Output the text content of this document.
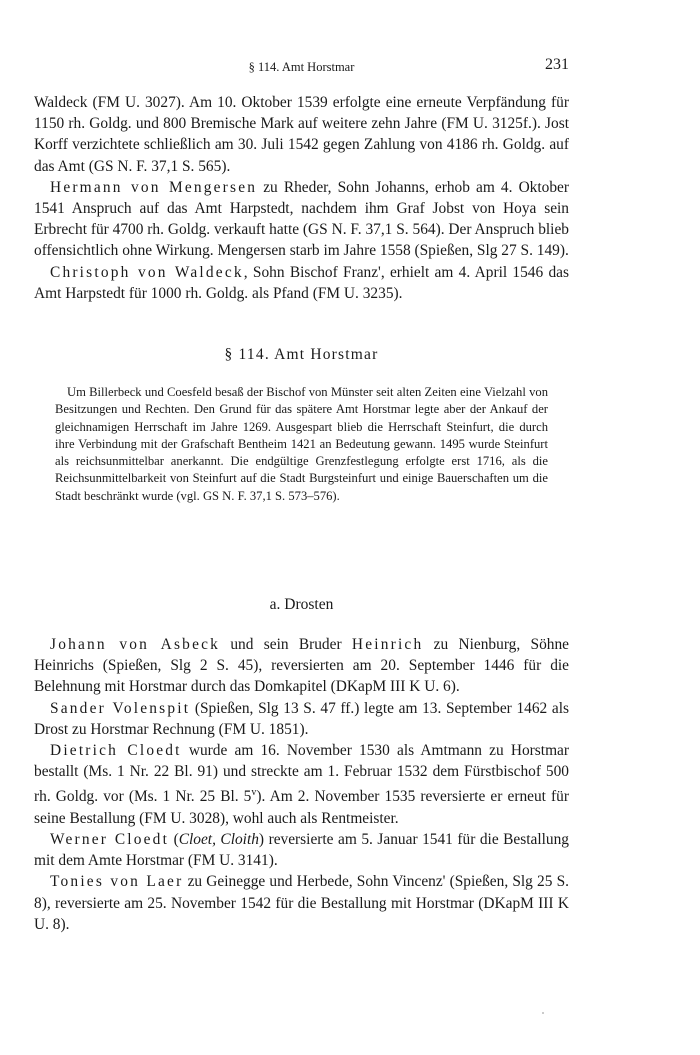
§ 114. Amt Horstmar	231

Waldeck (FM U. 3027). Am 10. Oktober 1539 erfolgte eine erneute Verpfändung für 1150 rh. Goldg. und 800 Bremische Mark auf weitere zehn Jahre (FM U. 3125f.). Jost Korff verzichtete schließlich am 30. Juli 1542 gegen Zahlung von 4186 rh. Goldg. auf das Amt (GS N. F. 37,1 S. 565).

Hermann von Mengersen zu Rheder, Sohn Johanns, erhob am 4. Oktober 1541 Anspruch auf das Amt Harpstedt, nachdem ihm Graf Jobst von Hoya sein Erbrecht für 4700 rh. Goldg. verkauft hatte (GS N. F. 37,1 S. 564). Der Anspruch blieb offensichtlich ohne Wirkung. Mengersen starb im Jahre 1558 (Spießen, Slg 27 S. 149).

Christoph von Waldeck, Sohn Bischof Franz', erhielt am 4. April 1546 das Amt Harpstedt für 1000 rh. Goldg. als Pfand (FM U. 3235).

§ 114. Amt Horstmar

Um Billerbeck und Coesfeld besaß der Bischof von Münster seit alten Zeiten eine Vielzahl von Besitzungen und Rechten. Den Grund für das spätere Amt Horstmar legte aber der Ankauf der gleichnamigen Herrschaft im Jahre 1269. Ausgespart blieb die Herrschaft Steinfurt, die durch ihre Verbindung mit der Grafschaft Bentheim 1421 an Bedeutung gewann. 1495 wurde Steinfurt als reichsunmittelbar anerkannt. Die endgültige Grenzfestlegung erfolgte erst 1716, als die Reichsunmittelbarkeit von Steinfurt auf die Stadt Burgsteinfurt und einige Bauerschaften um die Stadt beschränkt wurde (vgl. GS N. F. 37,1 S. 573–576).

a. Drosten

Johann von Asbeck und sein Bruder Heinrich zu Nienburg, Söhne Heinrichs (Spießen, Slg 2 S. 45), reversierten am 20. September 1446 für die Belehnung mit Horstmar durch das Domkapitel (DKapM III K U. 6).

Sander Volenspit (Spießen, Slg 13 S. 47 ff.) legte am 13. September 1462 als Drost zu Horstmar Rechnung (FM U. 1851).

Dietrich Cloedt wurde am 16. November 1530 als Amtmann zu Horstmar bestallt (Ms. 1 Nr. 22 Bl. 91) und streckte am 1. Februar 1532 dem Fürstbischof 500 rh. Goldg. vor (Ms. 1 Nr. 25 Bl. 5$^v$). Am 2. November 1535 reversierte er erneut für seine Bestallung (FM U. 3028), wohl auch als Rentmeister.

Werner Cloedt (Cloet, Cloith) reversierte am 5. Januar 1541 für die Bestallung mit dem Amte Horstmar (FM U. 3141).

Tonies von Laer zu Geinegge und Herbede, Sohn Vincenz' (Spießen, Slg 25 S. 8), reversierte am 25. November 1542 für die Bestallung mit Horstmar (DKapM III K U. 8).
